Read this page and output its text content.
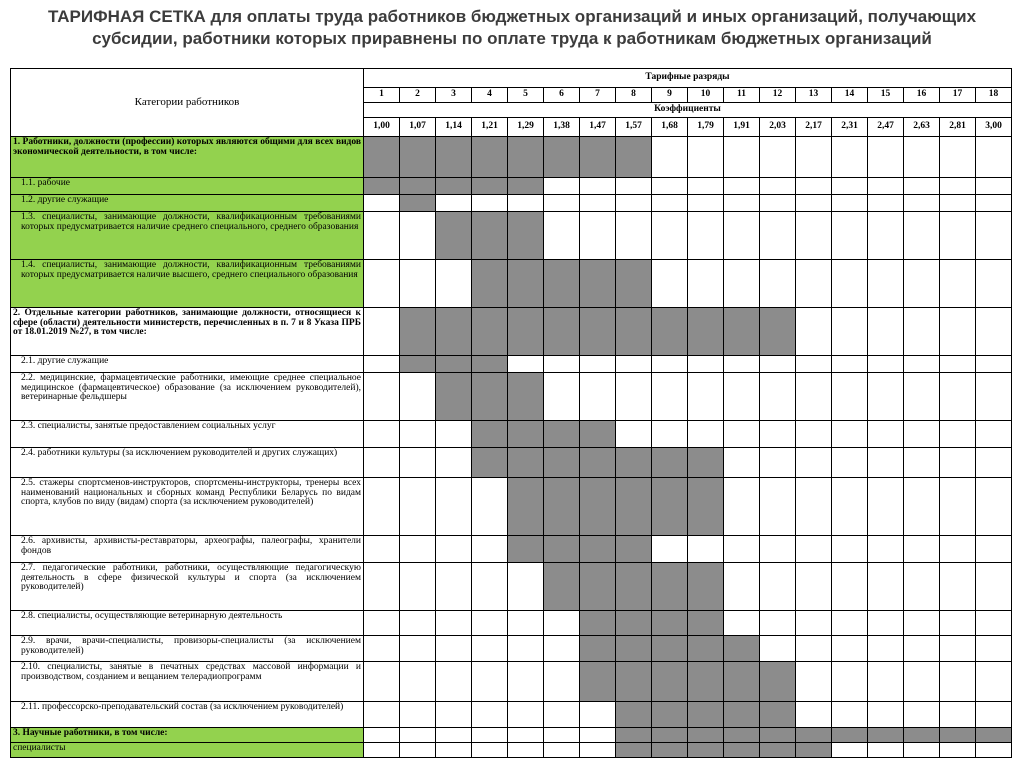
ТАРИФНАЯ СЕТКА для оплаты труда работников бюджетных организаций и иных организаций, получающих субсидии, работники которых приравнены по оплате труда к работникам бюджетных организаций
Категории работников	Тарифные разряды																	
	1	2	3	4	5	6	7	8	9	10	11	12	13	14	15	16	17	18
	Коэффициенты																	
	1,00	1,07	1,14	1,21	1,29	1,38	1,47	1,57	1,68	1,79	1,91	2,03	2,17	2,31	2,47	2,63	2,81	3,00
1. Работники, должности (профессии) которых являются общими для всех видов экономической деятельности, в том числе:																		
1.1. рабочие																		
1.2. другие служащие																		
1.3. специалисты, занимающие должности, квалификационным требованиями которых предусматривается наличие среднего специального, среднего образования																		
1.4. специалисты, занимающие должности, квалификационным требованиями которых предусматривается наличие высшего, среднего специального образования																		
2. Отдельные категории работников, занимающие должности, относящиеся к сфере (области) деятельности министерств, перечисленных в п. 7 и 8 Указа ПРБ от 18.01.2019 №27, в том числе:																		
2.1. другие служащие																		
2.2. медицинские, фармацевтические работники, имеющие среднее специальное медицинское (фармацевтическое) образование (за исключением руководителей), ветеринарные фельдшеры																		
2.3. специалисты, занятые предоставлением социальных услуг																		
2.4. работники культуры (за исключением руководителей и других служащих)																		
2.5. стажеры спортсменов-инструкторов, спортсмены-инструкторы, тренеры всех наименований национальных и сборных команд Республики Беларусь по видам спорта, клубов по виду (видам) спорта (за исключением руководителей)																		
2.6. архивисты, архивисты-реставраторы, археографы, палеографы, хранители фондов																		
2.7. педагогические работники, работники, осуществляющие педагогическую деятельность в сфере физической культуры и спорта (за исключением руководителей)																		
2.8. специалисты, осуществляющие ветеринарную деятельность																		
2.9. врачи, врачи-специалисты, провизоры-специалисты (за исключением руководителей)																		
2.10. специалисты, занятые в печатных средствах массовой информации и производством, созданием и вещанием телерадиопрограмм																		
2.11. профессорско-преподавательский состав (за исключением руководителей)																		
3. Научные работники, в том числе:																		
специалисты																		
